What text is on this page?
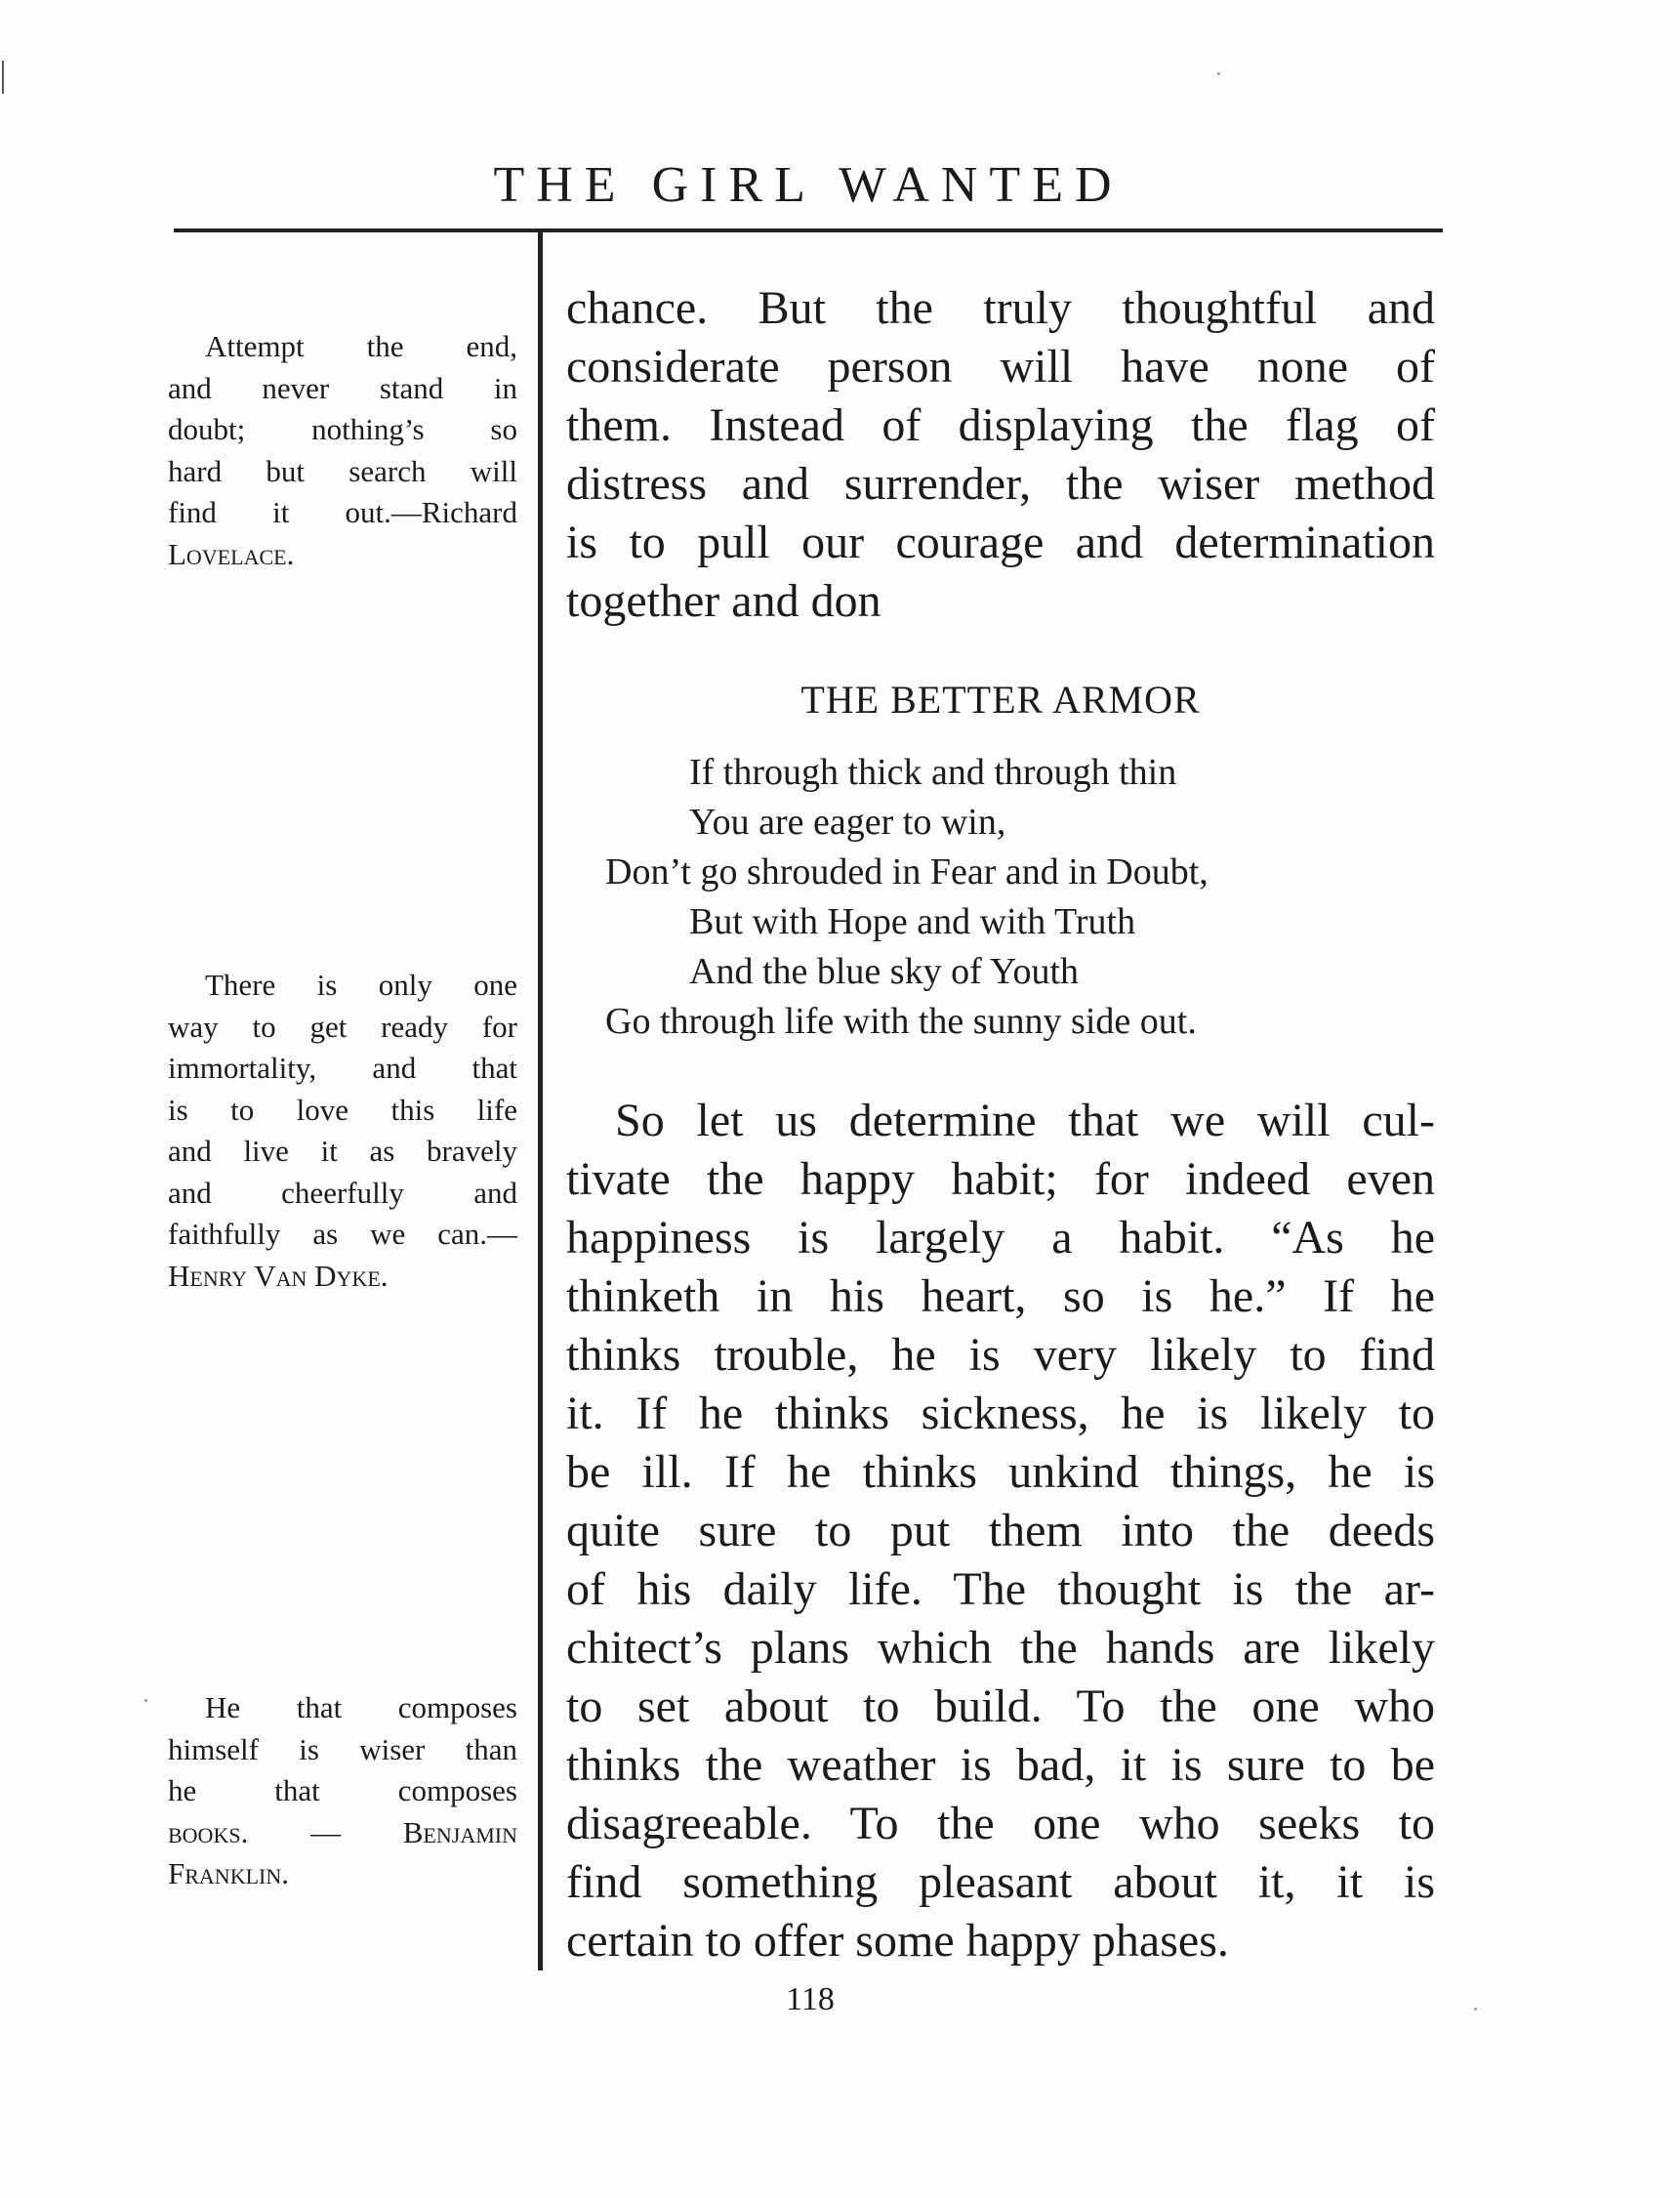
THE GIRL WANTED
Attempt the end,
and never stand in
doubt; nothing’s so
hard but search will
find it out.—Richard
Lovelace.
There is only one
way to get ready for
immortality, and that
is to love this life
and live it as bravely
and cheerfully and
faithfully as we can.—
Henry Van Dyke.
He that composes
himself is wiser than
he that composes
books. — Benjamin
Franklin.
chance. But the truly thoughtful and
considerate person will have none of
them. Instead of displaying the flag of
distress and surrender, the wiser method
is to pull our courage and determination
together and don
THE BETTER ARMOR
If through thick and through thin
You are eager to win,
Don’t go shrouded in Fear and in Doubt,
But with Hope and with Truth
And the blue sky of Youth
Go through life with the sunny side out.
So let us determine that we will cul-
tivate the happy habit; for indeed even
happiness is largely a habit. “As he
thinketh in his heart, so is he.” If he
thinks trouble, he is very likely to find
it. If he thinks sickness, he is likely to
be ill. If he thinks unkind things, he is
quite sure to put them into the deeds
of his daily life. The thought is the ar-
chitect’s plans which the hands are likely
to set about to build. To the one who
thinks the weather is bad, it is sure to be
disagreeable. To the one who seeks to
find something pleasant about it, it is
certain to offer some happy phases.
118
